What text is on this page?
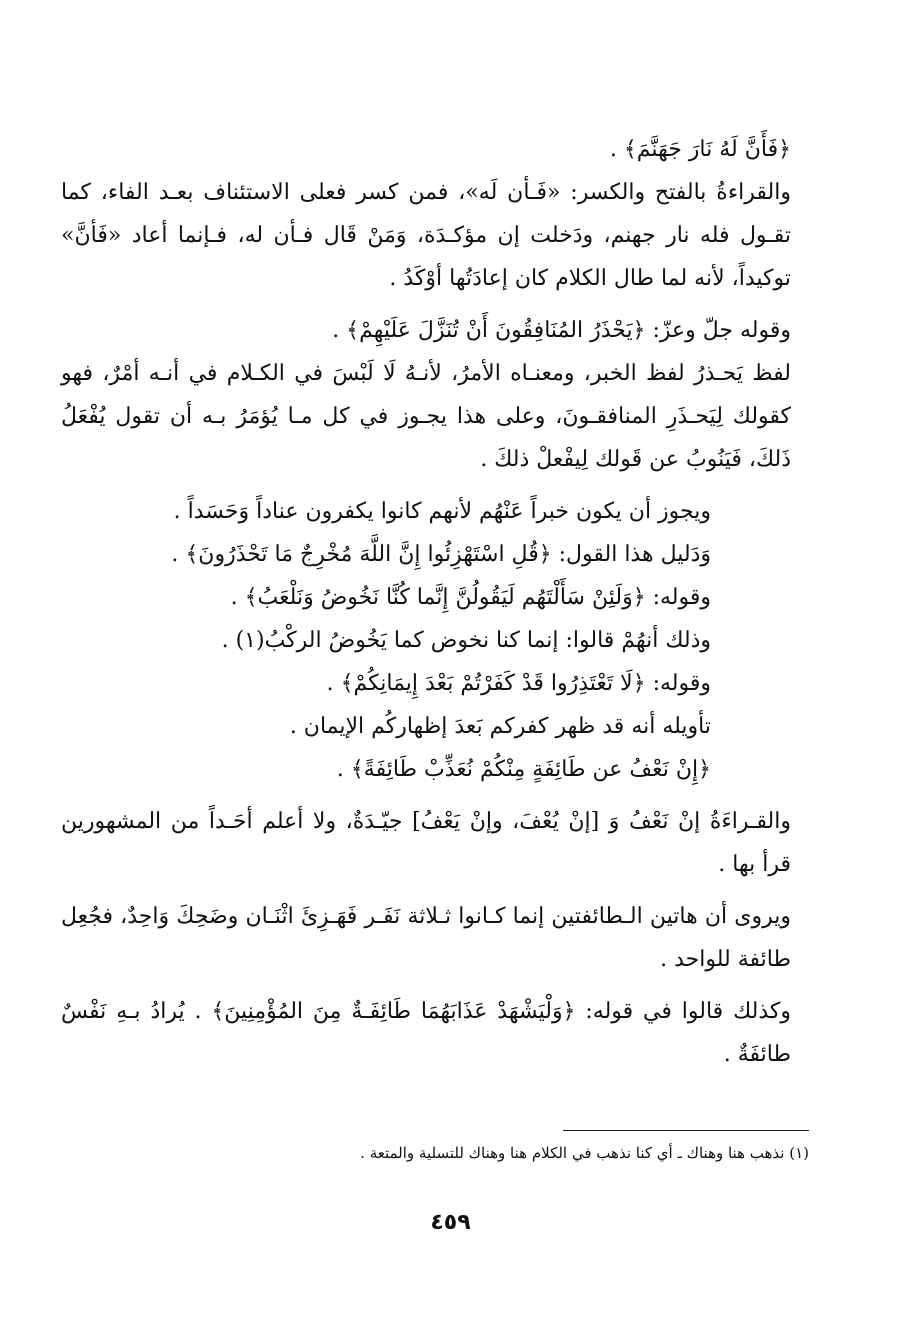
﴿فَأَنَّ لَهُ نَارَ جَهَنَّمَ﴾ .

والقراءةُ بالفتح والكسر: «فَـأن لَه»، فمن كسر فعلى الاستئناف بعـد الفاء، كما تقـول فله نار جهنم، ودَخلت إن مؤكـدَة، وَمَنْ قَال فـأن له، فـإنما أعاد «فَأنَّ» توكيداً، لأنه لما طال الكلام كان إعادَتُها أوْكَدُ .

وقوله جلّ وعزّ: ﴿يَحْذَرُ المُنَافِقُونَ أَنْ تُنَزَّلَ عَلَيْهِمْ﴾ .

لفظ يَحـذرُ لفظ الخبر، ومعنـاه الأمرُ، لأنـهُ لَا لَبْسَ في الكـلام في أنـه أمْرٌ، فهو كقولك لِيَحـذَرِ المنافقـونَ، وعلى هذا يجـوز في كل مـا يُؤمَرُ بـه أن تقول يُفْعَلُ ذَلكَ، فَيَنُوبُ عن قَولك لِيفْعلْ ذلكَ .

ويجوز أن يكون خبراً عَنْهُم لأنهم كانوا يكفرون عناداً وَحَسَداً .

وَدَليل هذا القول: ﴿قُلِ اسْتَهْزِئُوا إِنَّ اللَّهَ مُخْرِجٌ مَا تَحْذَرُونَ﴾ .

وقوله: ﴿وَلَئِنْ سَأَلْتَهُم لَيَقُولُنَّ إِنَّما كُنَّا نَخُوضُ وَنَلْعَبُ﴾ .

وذلك أنهُمْ قالوا: إنما كنا نخوض كما يَخُوضُ الركْبُ(١) .

وقوله: ﴿لَا تَعْتَذِرُوا قَدْ كَفَرْتُمْ بَعْدَ إِيمَانِكُمْ﴾ .

تأويله أنه قد ظهر كفركم بَعدَ إظهاركُم الإيمان .

﴿إِنْ نَعْفُ عن طَائِفَةٍ مِنْكُمْ نُعَذِّبْ طَائِفَةً﴾ .

والقـراءَةُ إنْ نَعْفُ وَ [إنْ يُعْفَ، وإنْ يَعْفُ] جيّـدَةٌ، ولا أعلم أحَـداً من المشهورين قرأ بها .

ويروى أن هاتين الـطائفتين إنما كـانوا ثـلاثة نَفَـر فَهَـزِئَ اثْنَـان وضَحِكَ وَاحِدٌ، فجُعِل طائفة للواحد .

وكذلك قالوا في قوله: ﴿وَلْيَشْهَدْ عَذَابَهُمَا طَائِفَـةٌ مِنَ المُؤْمِنِينَ﴾ . يُرادُ بـهِ نَفْسٌ طائفَةٌ .

(١) نذهب هنا وهناك ـ أي كنا نذهب في الكلام هنا وهناك للتسلية والمتعة .
٤٥٩
